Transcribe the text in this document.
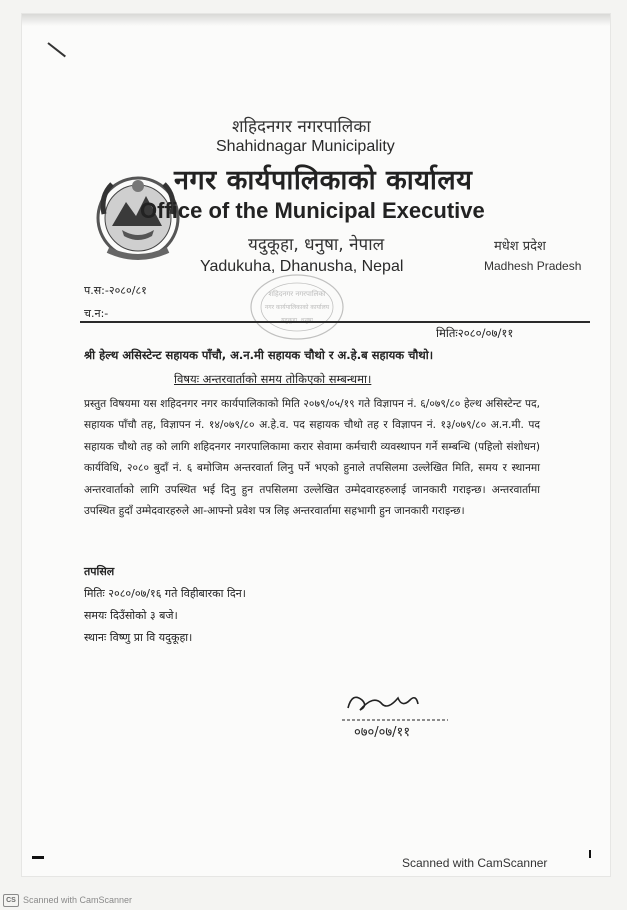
शहिदनगर नगरपालिका
Shahidnagar Municipality
नगर कार्यपालिकाको कार्यालय
Office of the Municipal Executive
यदुकूहा, धनुषा, नेपाल
Yadukuha, Dhanusha, Nepal
मधेश प्रदेश
Madhesh Pradesh
शहिदनगर नगरपालिका
नगर कार्यपालिकाको कार्यालय
प.स:-२०८०/८१
च.न:-
मितिः२०८०/०७/११
श्री हेल्थ असिस्टेन्ट सहायक पाँचौ, अ.न.मी सहायक चौथो र अ.हे.ब सहायक चौथो।
विषयः अन्तरवार्ताको समय तोकिएको सम्बन्धमा।
प्रस्तुत विषयमा यस शहिदनगर नगर कार्यपालिकाको मिति २०७९/०५/१९ गते विज्ञापन नं. ६/०७९/८० हेल्थ असिस्टेन्ट पद, सहायक पाँचौ तह, विज्ञापन नं. १४/०७९/८० अ.हे.व. पद सहायक चौथो तह र विज्ञापन नं. १३/०७९/८० अ.न.मी. पद सहायक चौथो तह को लागि शहिदनगर नगरपालिकामा करार सेवामा कर्मचारी व्यवस्थापन गर्ने सम्बन्धि (पहिलो संशोधन) कार्यविधि, २०८० बुदाँ नं. ६ बमोजिम अन्तरवार्ता लिनु पर्ने भएको हुनाले तपसिलमा उल्लेखित मिति, समय र स्थानमा अन्तरवार्ताको लागि उपस्थित भई दिनु हुन तपसिलमा उल्लेखित उम्मेदवारहरुलाई जानकारी गराइन्छ। अन्तरवार्तामा उपस्थित हुदाँ उम्मेदवारहरुले आ-आफ्नो प्रवेश पत्र लिइ अन्तरवार्तामा सहभागी हुन जानकारी गराइन्छ।
तपसिल
मितिः २०८०/०७/१६ गते विहीबारका दिन।
समयः दिउँसोको ३ बजे।
स्थानः विष्णु प्रा वि यदुकूहा।
०७०/०७/११
Scanned with CamScanner
CS Scanned with CamScanner
